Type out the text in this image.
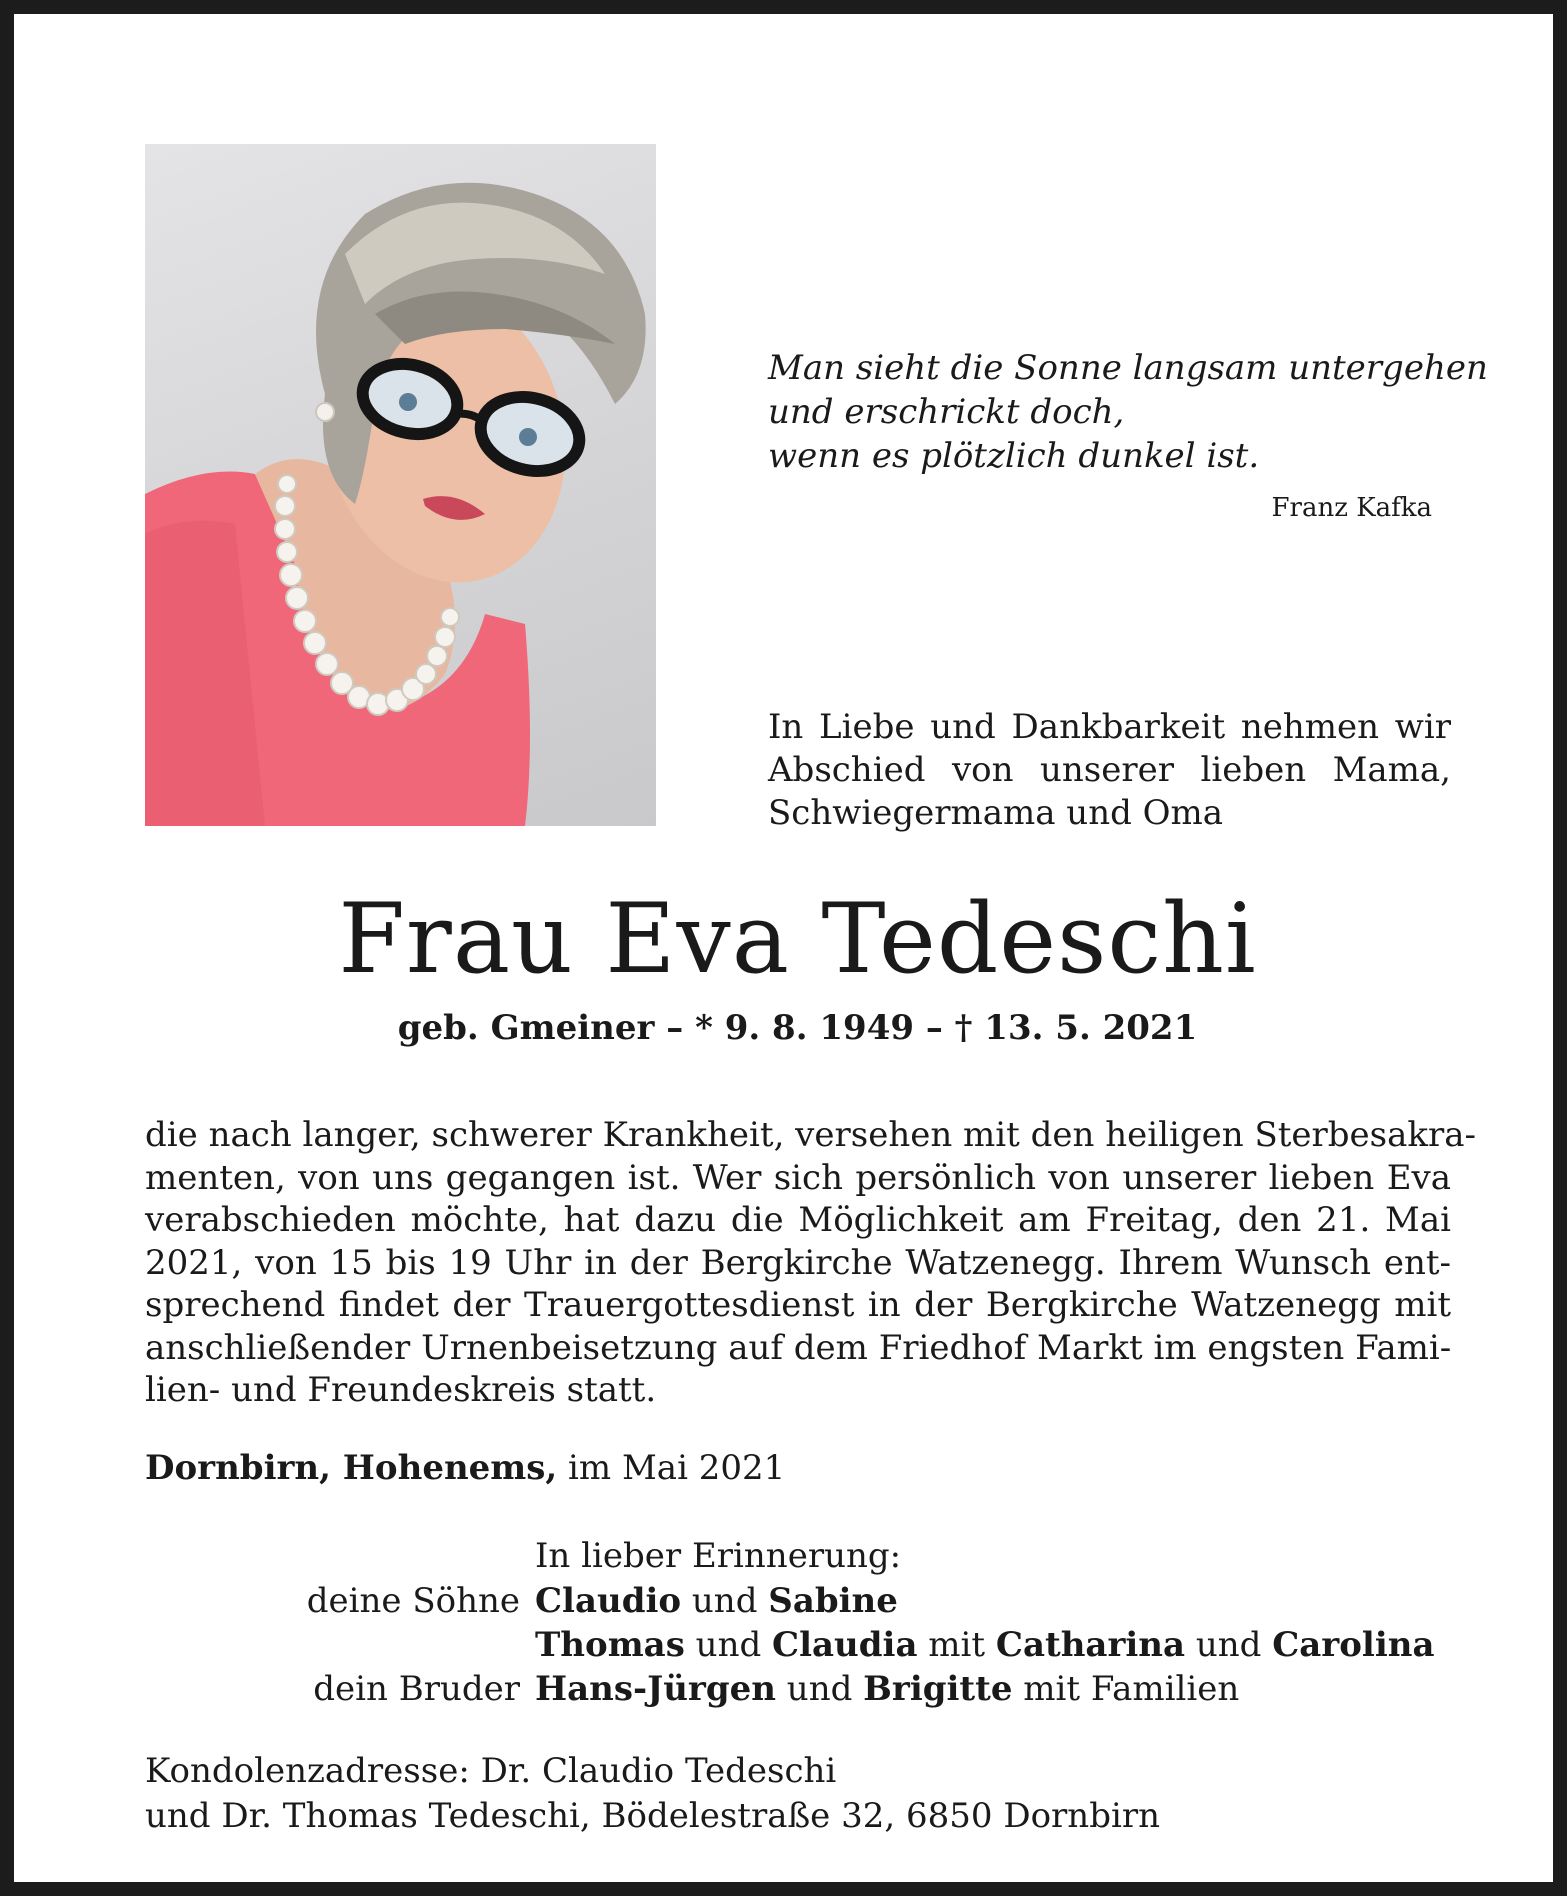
Man sieht die Sonne langsam untergehen
und erschrickt doch,
wenn es plötzlich dunkel ist.
Franz Kafka
In Liebe und Dankbarkeit nehmen wir
Abschied von unserer lieben Mama,
Schwiegermama und Oma
Frau Eva Tedeschi
geb. Gmeiner – * 9. 8. 1949 – † 13. 5. 2021
die nach langer, schwerer Krankheit, versehen mit den heiligen Sterbesakra-
menten, von uns gegangen ist. Wer sich persönlich von unserer lieben Eva
verabschieden möchte, hat dazu die Möglichkeit am Freitag, den 21. Mai
2021, von 15 bis 19 Uhr in der Bergkirche Watzenegg. Ihrem Wunsch ent-
sprechend findet der Trauergottesdienst in der Bergkirche Watzenegg mit
anschließender Urnenbeisetzung auf dem Friedhof Markt im engsten Fami-
lien- und Freundeskreis statt.
Dornbirn, Hohenems, im Mai 2021
In lieber Erinnerung:
deine Söhne Claudio und Sabine
Thomas und Claudia mit Catharina und Carolina
dein Bruder Hans-Jürgen und Brigitte mit Familien
Kondolenzadresse: Dr. Claudio Tedeschi
und Dr. Thomas Tedeschi, Bödelestraße 32, 6850 Dornbirn
